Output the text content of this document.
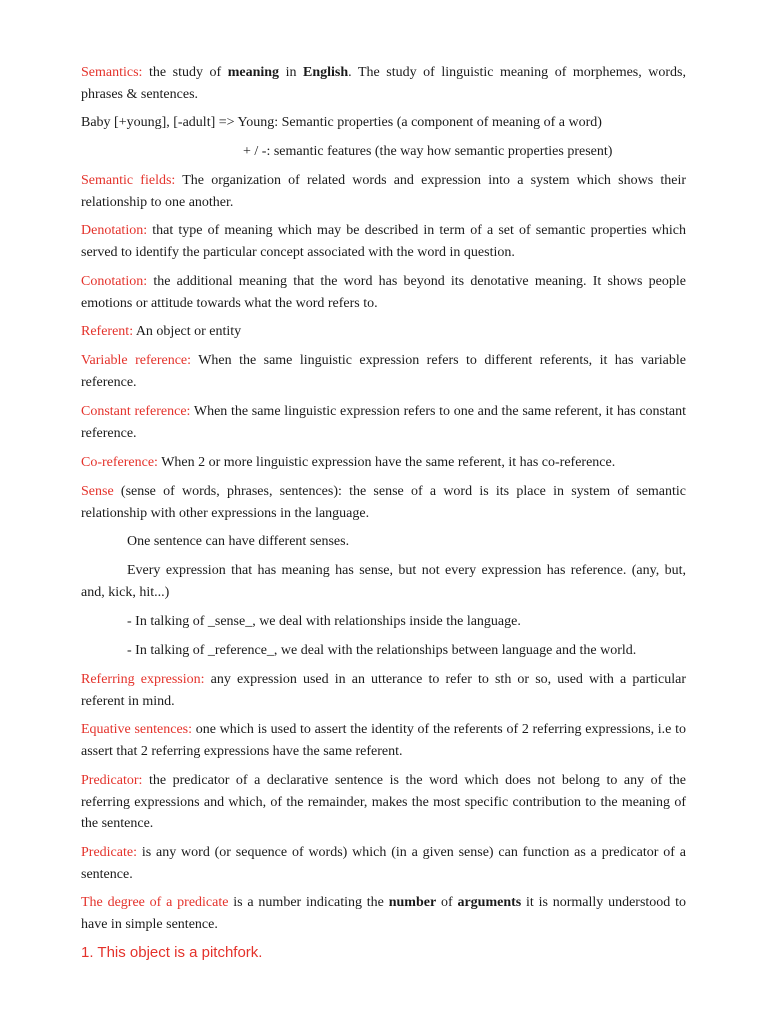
Semantics: the study of meaning in English. The study of linguistic meaning of morphemes, words, phrases & sentences.

Baby [+young], [-adult] => Young: Semantic properties (a component of meaning of a word)

+ / -: semantic features (the way how semantic properties present)

Semantic fields: The organization of related words and expression into a system which shows their relationship to one another.

Denotation: that type of meaning which may be described in term of a set of semantic properties which served to identify the particular concept associated with the word in question.

Conotation: the additional meaning that the word has beyond its denotative meaning. It shows people emotions or attitude towards what the word refers to.

Referent: An object or entity

Variable reference: When the same linguistic expression refers to different referents, it has variable reference.

Constant reference: When the same linguistic expression refers to one and the same referent, it has constant reference.

Co-reference: When 2 or more linguistic expression have the same referent, it has co-reference.

Sense (sense of words, phrases, sentences): the sense of a word is its place in system of semantic relationship with other expressions in the language.

One sentence can have different senses.

Every expression that has meaning has sense, but not every expression has reference. (any, but, and, kick, hit...)

- In talking of _sense_, we deal with relationships inside the language.

- In talking of _reference_, we deal with the relationships between language and the world.

Referring expression: any expression used in an utterance to refer to sth or so, used with a particular referent in mind.

Equative sentences: one which is used to assert the identity of the referents of 2 referring expressions, i.e to assert that 2 referring expressions have the same referent.

Predicator: the predicator of a declarative sentence is the word which does not belong to any of the referring expressions and which, of the remainder, makes the most specific contribution to the meaning of the sentence.

Predicate: is any word (or sequence of words) which (in a given sense) can function as a predicator of a sentence.

The degree of a predicate is a number indicating the number of arguments it is normally understood to have in simple sentence.

1. This object is a pitchfork.
